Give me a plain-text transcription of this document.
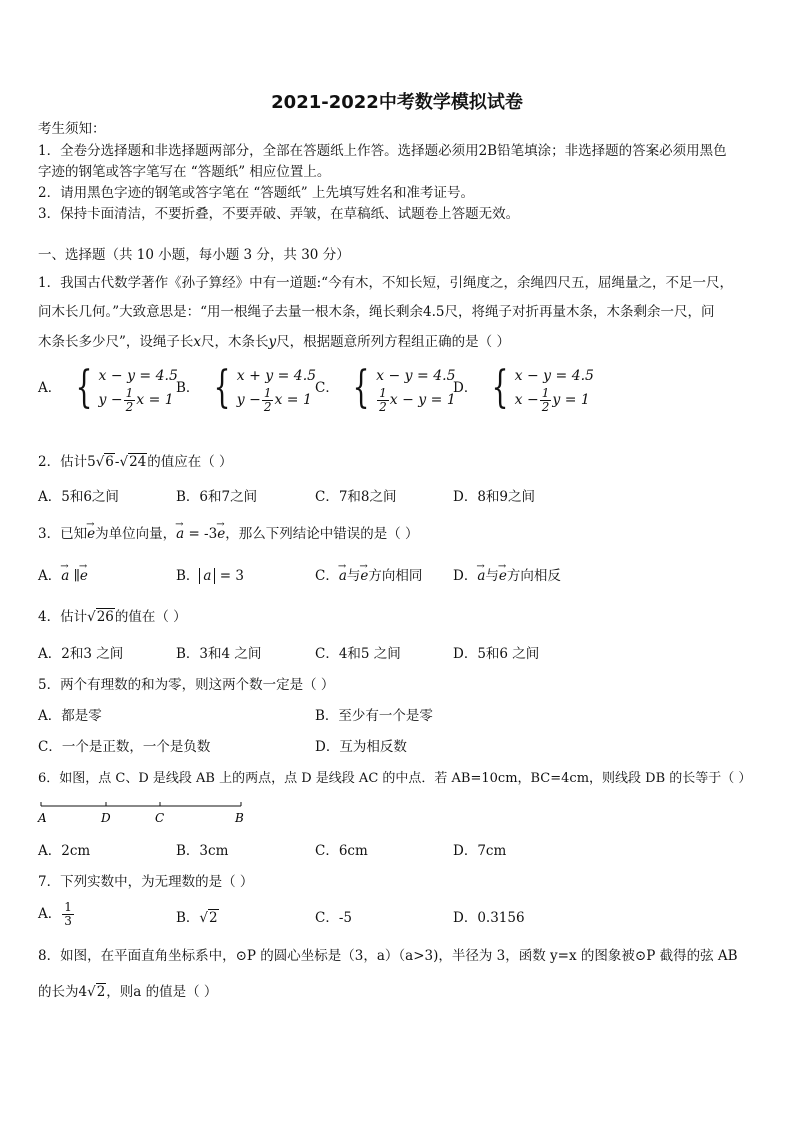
2021-2022中考数学模拟试卷
考生须知：
1．全卷分选择题和非选择题两部分，全部在答题纸上作答。选择题必须用2B铅笔填涂；非选择题的答案必须用黑色
字迹的钢笔或答字笔写在 “答题纸” 相应位置上。
2．请用黑色字迹的钢笔或答字笔在 “答题纸” 上先填写姓名和准考证号。
3．保持卡面清洁，不要折叠，不要弄破、弄皱，在草稿纸、试题卷上答题无效。
一、选择题（共 10 小题，每小题 3 分，共 30 分）
1．我国古代数学著作《孙子算经》中有一道题:“今有木，不知长短，引绳度之，余绳四尺五，屈绳量之，不足一尺，
问木长几何。”大致意思是：“用一根绳子去量一根木条，绳长剩余4.5尺，将绳子对折再量木条，木条剩余一尺，问
木条长多少尺”，设绳子长x尺，木条长y尺，根据题意所列方程组正确的是（ ）
A． { x − y = 4.5
$y - \frac{1}{2}$ x = 1
B． { x + y = 4.5
$y - \frac{1}{2}$ x = 1
C． { x − y = 4.5
$\frac{1}{2}$ x − y = 1
D． { x − y = 4.5
$x - \frac{1}{2}$ y = 1
2．估计5√6-√24的值应在（ ）
A．5和6之间	B．6和7之间	C．7和8之间	D．8和9之间
3．已知→ e为单位向量，→ a = -3→ e，那么下列结论中错误的是（ ）
A．→ a ∥→ e	B． a = 3	C．→ a与→ e方向相同 D．→ a与→ e方向相反
4．估计√26的值在（ ）
A．2和3 之间	B．3和4 之间	C．4和5 之间	D．5和6 之间
5．两个有理数的和为零，则这两个数一定是（ ）
A．都是零	B．至少有一个是零
C．一个是正数，一个是负数	D．互为相反数
6．如图，点 C、D 是线段 AB 上的两点，点 D 是线段 AC 的中点．若 AB=10cm，BC=4cm，则线段 DB 的长等于（ ）
A	D	C	B
A．2cm	B．3cm	C．6cm	D．7cm
7．下列实数中，为无理数的是（ ）
A． $\frac{1}{3}$	B．√2	C．-5	D．0.3156
8．如图，在平面直角坐标系中，⊙P 的圆心坐标是（3，a）（a>3)，半径为 3，函数 y=x 的图象被⊙P 截得的弦 AB
的长为4√2，则a 的值是（ ）
